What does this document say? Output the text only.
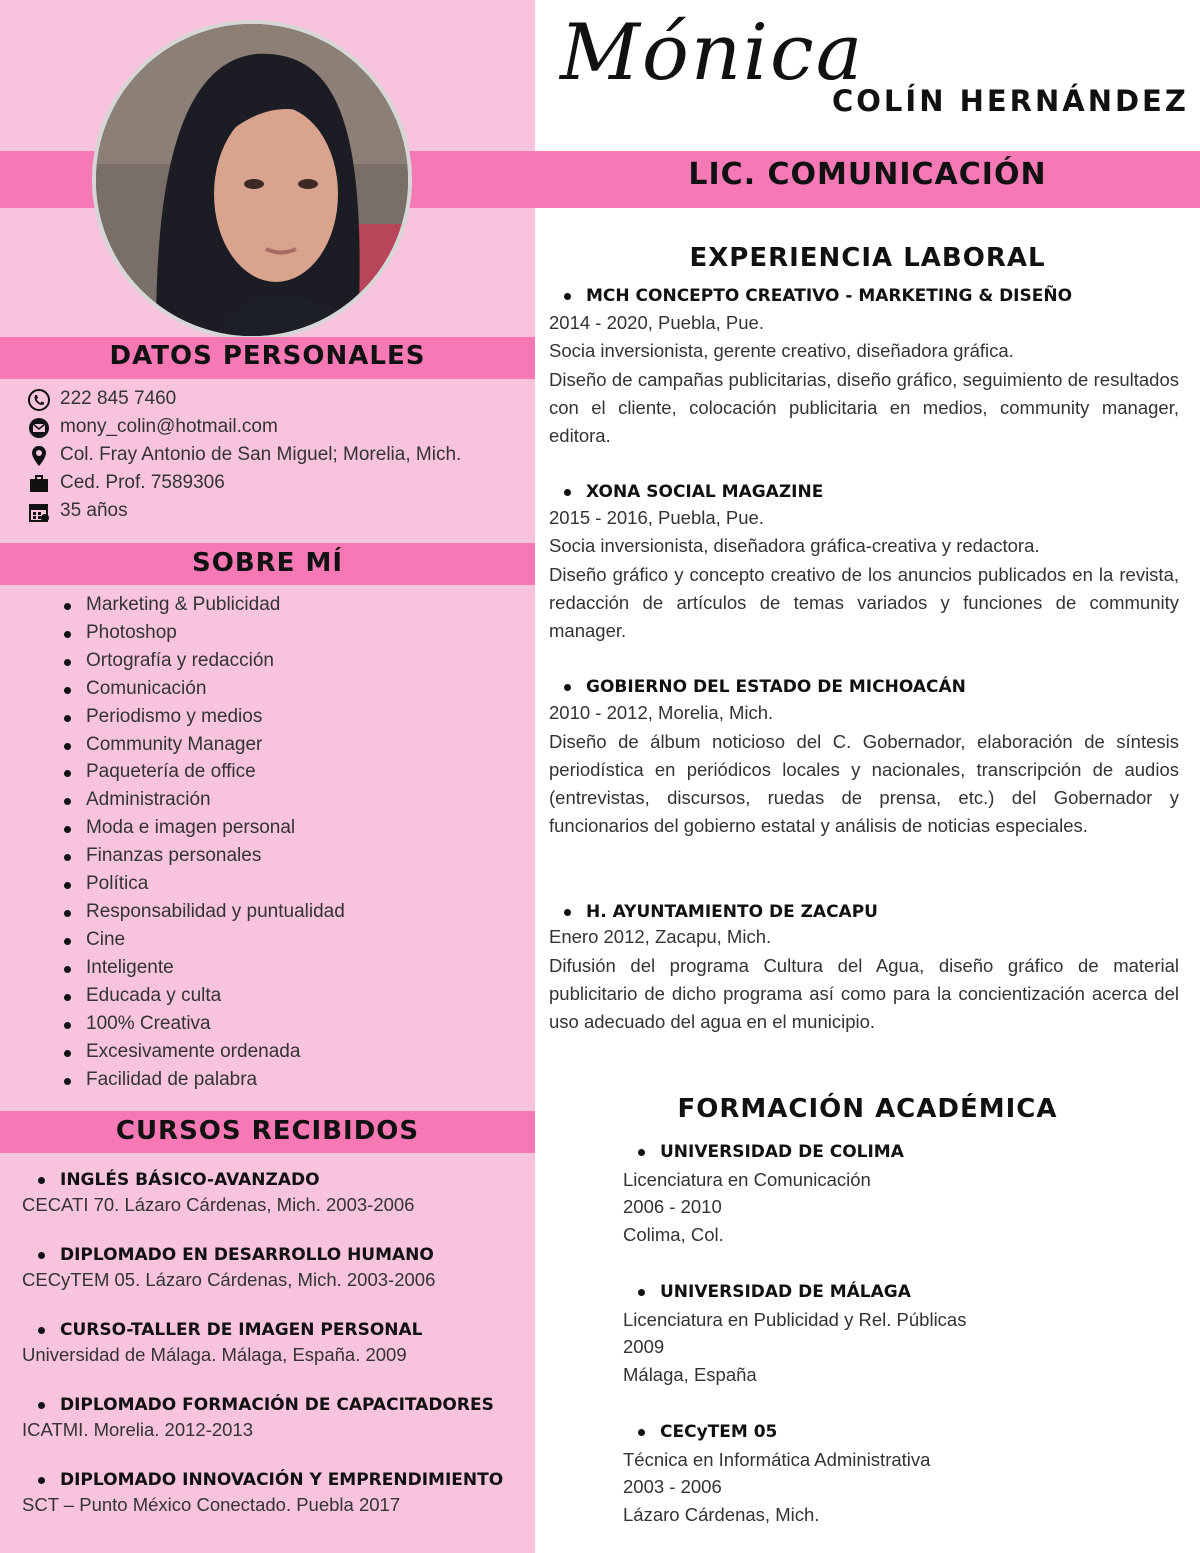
LIC. COMUNICACIÓN
Mónica
COLÍN HERNÁNDEZ
DATOS PERSONALES
222 845 7460
mony_colin@hotmail.com
Col. Fray Antonio de San Miguel; Morelia, Mich.
Ced. Prof. 7589306
35 años
SOBRE MÍ
Marketing & Publicidad
Photoshop
Ortografía y redacción
Comunicación
Periodismo y medios
Community Manager
Paquetería de office
Administración
Moda e imagen personal
Finanzas personales
Política
Responsabilidad y puntualidad
Cine
Inteligente
Educada y culta
100% Creativa
Excesivamente ordenada
Facilidad de palabra
CURSOS RECIBIDOS
INGLÉS BÁSICO-AVANZADO
CECATI 70. Lázaro Cárdenas, Mich. 2003-2006
DIPLOMADO EN DESARROLLO HUMANO
CECyTEM 05. Lázaro Cárdenas, Mich. 2003-2006
CURSO-TALLER DE IMAGEN PERSONAL
Universidad de Málaga. Málaga, España. 2009
DIPLOMADO FORMACIÓN DE CAPACITADORES
ICATMI. Morelia. 2012-2013
DIPLOMADO INNOVACIÓN Y EMPRENDIMIENTO
SCT – Punto México Conectado. Puebla 2017
EXPERIENCIA LABORAL
MCH CONCEPTO CREATIVO - MARKETING & DISEÑO
2014 - 2020, Puebla, Pue.
Socia inversionista, gerente creativo, diseñadora gráfica.
Diseño de campañas publicitarias, diseño gráfico, seguimiento de resultados con el cliente, colocación publicitaria en medios, community manager, editora.
XONA SOCIAL MAGAZINE
2015 - 2016, Puebla, Pue.
Socia inversionista, diseñadora gráfica-creativa y redactora.
Diseño gráfico y concepto creativo de los anuncios publicados en la revista, redacción de artículos de temas variados y funciones de community manager.
GOBIERNO DEL ESTADO DE MICHOACÁN
2010 - 2012, Morelia, Mich.
Diseño de álbum noticioso del C. Gobernador, elaboración de síntesis periodística en periódicos locales y nacionales, transcripción de audios (entrevistas, discursos, ruedas de prensa, etc.) del Gobernador y funcionarios del gobierno estatal y análisis de noticias especiales.
H. AYUNTAMIENTO DE ZACAPU
Enero 2012, Zacapu, Mich.
Difusión del programa Cultura del Agua, diseño gráfico de material publicitario de dicho programa así como para la concientización acerca del uso adecuado del agua en el municipio.
FORMACIÓN ACADÉMICA
UNIVERSIDAD DE COLIMA
Licenciatura en Comunicación
2006 - 2010
Colima, Col.
UNIVERSIDAD DE MÁLAGA
Licenciatura en Publicidad y Rel. Públicas
2009
Málaga, España
CECyTEM 05
Técnica en Informática Administrativa
2003 - 2006
Lázaro Cárdenas, Mich.
